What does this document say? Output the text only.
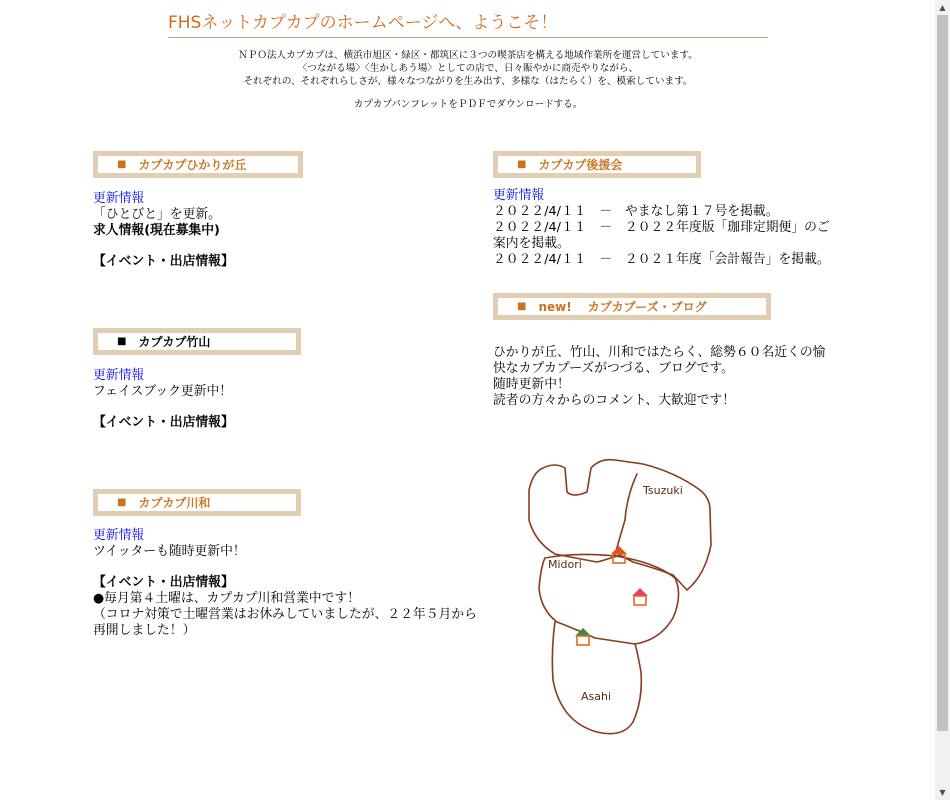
FHSネットカプカプのホームページへ、ようこそ！
ＮＰＯ法人カプカプは、横浜市旭区・緑区・都筑区に３つの喫茶店を構える地域作業所を運営しています。
〈つながる場〉〈生かしあう場〉としての店で、日々賑やかに商売やりながら、
それぞれの、それぞれらしさが、様々なつながりを生み出す、多様な（はたらく）を、模索しています。
カプカプパンフレットをＰＤＦでダウンロードする。
■ カプカプひかりが丘
更新情報
「ひとびと」を更新。
求人情報(現在募集中)
【イベント・出店情報】
■ カプカプ竹山
更新情報
フェイスブック更新中！
【イベント・出店情報】
■ カプカプ川和
更新情報
ツイッターも随時更新中！
【イベント・出店情報】
●毎月第４土曜は、カプカプ川和営業中です！
（コロナ対策で土曜営業はお休みしていましたが、２２年５月から
再開しました！）
■ カプカプ後援会
更新情報
２０２２/4/１１　－　やまなし第１７号を掲載。
２０２２/4/１１　－　２０２２年度版「珈琲定期便」のご
案内を掲載。
２０２２/4/１１　－　２０２１年度「会計報告」を掲載。
■ new! カプカプーズ・ブログ
ひかりが丘、竹山、川和ではたらく、総勢６０名近くの愉
快なカプカプーズがつづる、ブログです。
随時更新中！
読者の方々からのコメント、大歓迎です！
Tsuzuki
Midori
Asahi
▲
▼
